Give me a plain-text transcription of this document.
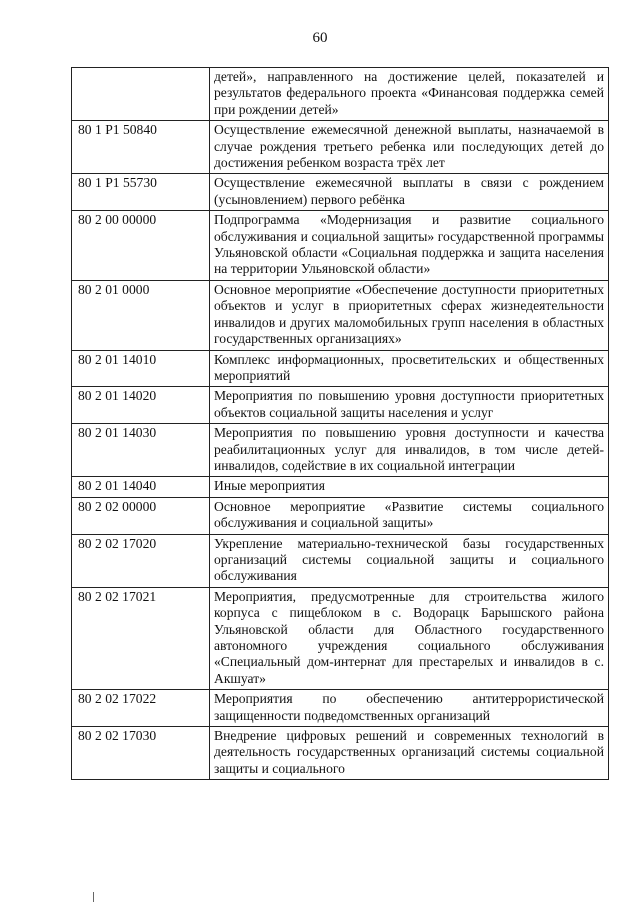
60
	детей», направленного на достижение целей, показателей и результатов федерального проекта «Финансовая поддержка семей при рождении детей»
80 1 P1 50840	Осуществление ежемесячной денежной выплаты, назначаемой в случае рождения третьего ребенка или последующих детей до достижения ребенком возраста трёх лет
80 1 P1 55730	Осуществление ежемесячной выплаты в связи с рождением (усыновлением) первого ребёнка
80 2 00 00000	Подпрограмма «Модернизация и развитие социального обслуживания и социальной защиты» государственной программы Ульяновской области «Социальная поддержка и защита населения на территории Ульяновской области»
80 2 01 0000	Основное мероприятие «Обеспечение доступности приоритетных объектов и услуг в приоритетных сферах жизнедеятельности инвалидов и других маломобильных групп населения в областных государственных организациях»
80 2 01 14010	Комплекс информационных, просветительских и общественных мероприятий
80 2 01 14020	Мероприятия по повышению уровня доступности приоритетных объектов социальной защиты населения и услуг
80 2 01 14030	Мероприятия по повышению уровня доступности и качества реабилитационных услуг для инвалидов, в том числе детей-инвалидов, содействие в их социальной интеграции
80 2 01 14040	Иные мероприятия
80 2 02 00000	Основное мероприятие «Развитие системы социального обслуживания и социальной защиты»
80 2 02 17020	Укрепление материально-технической базы государственных организаций системы социальной защиты и социального обслуживания
80 2 02 17021	Мероприятия, предусмотренные для строительства жилого корпуса с пищеблоком в с. Водорацк Барышского района Ульяновской области для Областного государственного автономного учреждения социального обслуживания «Специальный дом-интернат для престарелых и инвалидов в с. Акшуат»
80 2 02 17022	Мероприятия по обеспечению антитеррористической защищенности подведомственных организаций
80 2 02 17030	Внедрение цифровых решений и современных технологий в деятельность государственных организаций системы социальной защиты и социального
